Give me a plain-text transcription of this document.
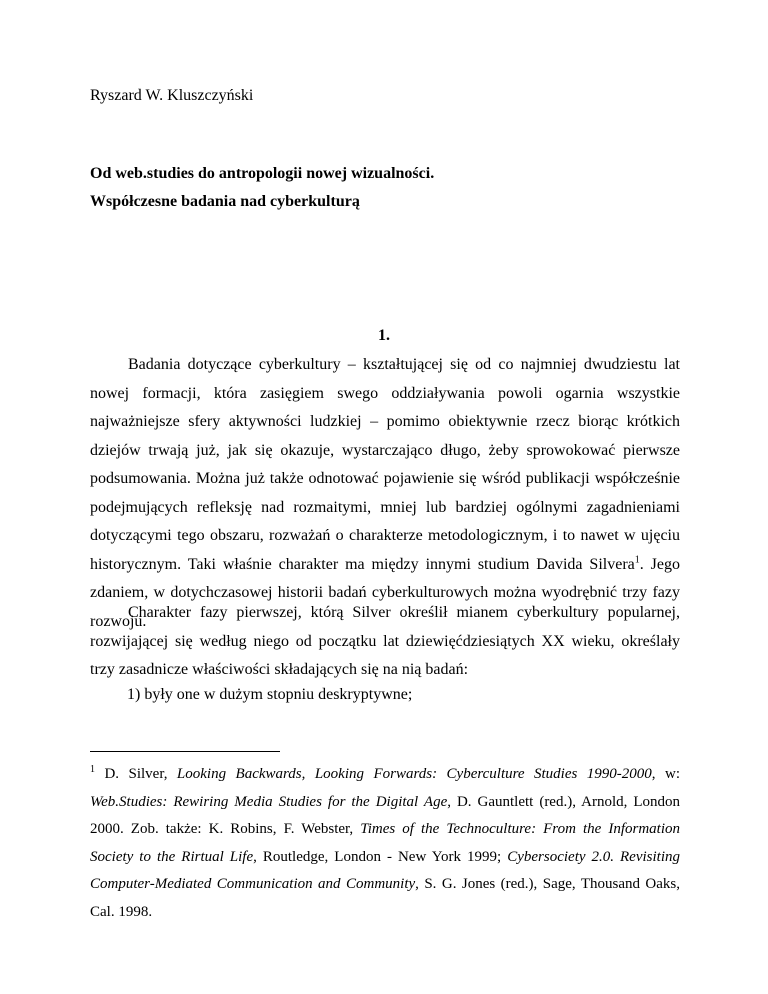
Ryszard W. Kluszczyński
Od web.studies do antropologii nowej wizualności.
Współczesne badania nad cyberkulturą
1.

Badania dotyczące cyberkultury – kształtującej się od co najmniej dwudziestu lat nowej formacji, która zasięgiem swego oddziaływania powoli ogarnia wszystkie najważniejsze sfery aktywności ludzkiej – pomimo obiektywnie rzecz biorąc krótkich dziejów trwają już, jak się okazuje, wystarczająco długo, żeby sprowokować pierwsze podsumowania. Można już także odnotować pojawienie się wśród publikacji współcześnie podejmujących refleksję nad rozmaitymi, mniej lub bardziej ogólnymi zagadnieniami dotyczącymi tego obszaru, rozważań o charakterze metodologicznym, i to nawet w ujęciu historycznym. Taki właśnie charakter ma między innymi studium Davida Silvera$^1$. Jego zdaniem, w dotychczasowej historii badań cyberkulturowych można wyodrębnić trzy fazy rozwoju.

Charakter fazy pierwszej, którą Silver określił mianem cyberkultury popularnej, rozwijającej się według niego od początku lat dziewięćdziesiątych XX wieku, określały trzy zasadnicze właściwości składających się na nią badań:

1) były one w dużym stopniu deskryptywne;

$^1$ D. Silver, Looking Backwards, Looking Forwards: Cyberculture Studies 1990-2000, w: Web.Studies: Rewiring Media Studies for the Digital Age, D. Gauntlett (red.), Arnold, London 2000. Zob. także: K. Robins, F. Webster, Times of the Technoculture: From the Information Society to the Rirtual Life, Routledge, London - New York 1999; Cybersociety 2.0. Revisiting Computer-Mediated Communication and Community, S. G. Jones (red.), Sage, Thousand Oaks, Cal. 1998.
